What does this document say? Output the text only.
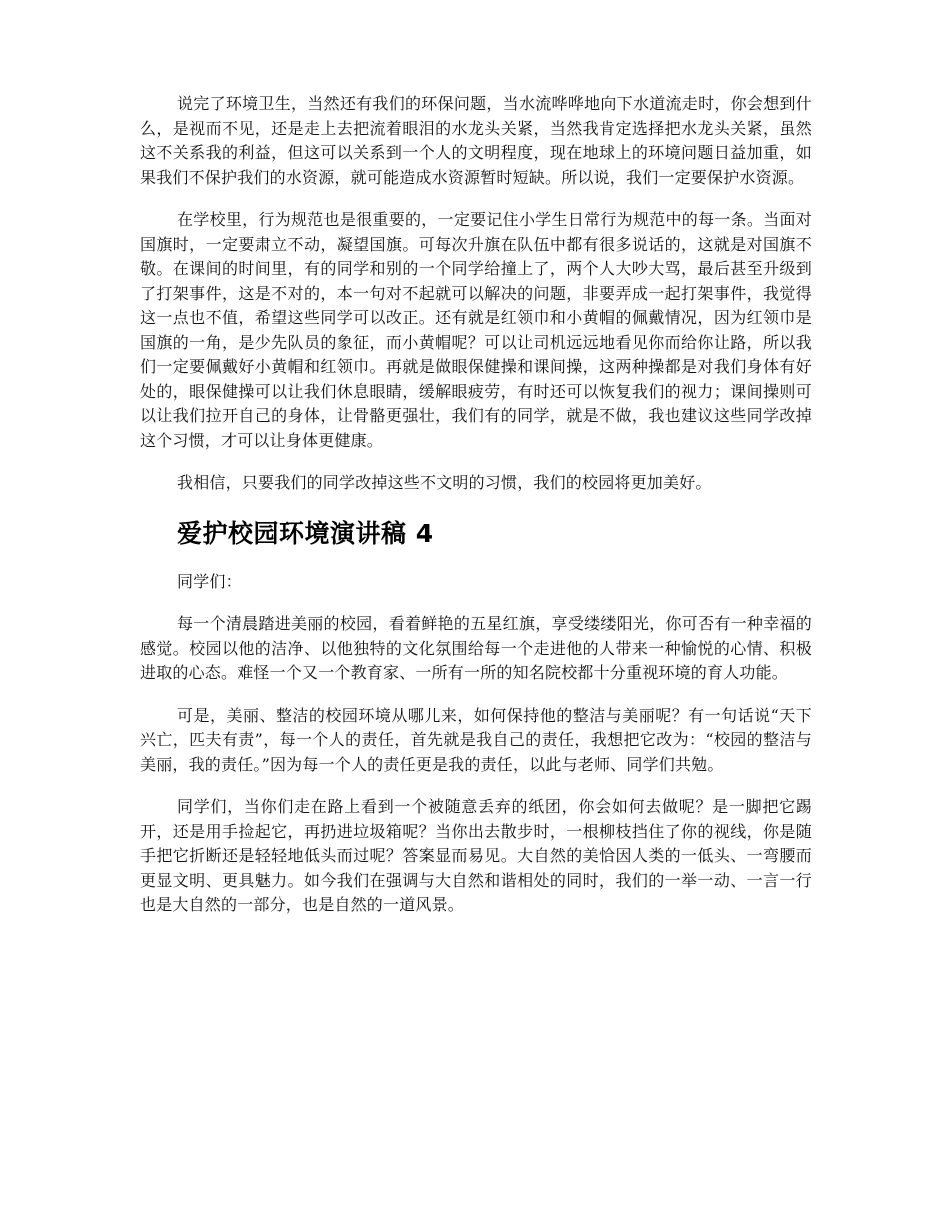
说完了环境卫生，当然还有我们的环保问题，当水流哗哗地向下水道流走时，你会想到什么，是视而不见，还是走上去把流着眼泪的水龙头关紧，当然我肯定选择把水龙头关紧，虽然这不关系我的利益，但这可以关系到一个人的文明程度，现在地球上的环境问题日益加重，如果我们不保护我们的水资源，就可能造成水资源暂时短缺。所以说，我们一定要保护水资源。

在学校里，行为规范也是很重要的，一定要记住小学生日常行为规范中的每一条。当面对国旗时，一定要肃立不动，凝望国旗。可每次升旗在队伍中都有很多说话的，这就是对国旗不敬。在课间的时间里，有的同学和别的一个同学给撞上了，两个人大吵大骂，最后甚至升级到了打架事件，这是不对的，本一句对不起就可以解决的问题，非要弄成一起打架事件，我觉得这一点也不值，希望这些同学可以改正。还有就是红领巾和小黄帽的佩戴情况，因为红领巾是国旗的一角，是少先队员的象征，而小黄帽呢？可以让司机远远地看见你而给你让路，所以我们一定要佩戴好小黄帽和红领巾。再就是做眼保健操和课间操，这两种操都是对我们身体有好处的，眼保健操可以让我们休息眼睛，缓解眼疲劳，有时还可以恢复我们的视力；课间操则可以让我们拉开自己的身体，让骨骼更强壮，我们有的同学，就是不做，我也建议这些同学改掉这个习惯，才可以让身体更健康。

我相信，只要我们的同学改掉这些不文明的习惯，我们的校园将更加美好。

爱护校园环境演讲稿 4

同学们：

每一个清晨踏进美丽的校园，看着鲜艳的五星红旗，享受缕缕阳光，你可否有一种幸福的感觉。校园以他的洁净、以他独特的文化氛围给每一个走进他的人带来一种愉悦的心情、积极进取的心态。难怪一个又一个教育家、一所有一所的知名院校都十分重视环境的育人功能。

可是，美丽、整洁的校园环境从哪儿来，如何保持他的整洁与美丽呢？有一句话说“天下兴亡，匹夫有责”，每一个人的责任，首先就是我自己的责任，我想把它改为：“校园的整洁与美丽，我的责任。”因为每一个人的责任更是我的责任，以此与老师、同学们共勉。

同学们，当你们走在路上看到一个被随意丢弃的纸团，你会如何去做呢？是一脚把它踢开，还是用手捡起它，再扔进垃圾箱呢？当你出去散步时，一根柳枝挡住了你的视线，你是随手把它折断还是轻轻地低头而过呢？答案显而易见。大自然的美恰因人类的一低头、一弯腰而更显文明、更具魅力。如今我们在强调与大自然和谐相处的同时，我们的一举一动、一言一行也是大自然的一部分，也是自然的一道风景。
